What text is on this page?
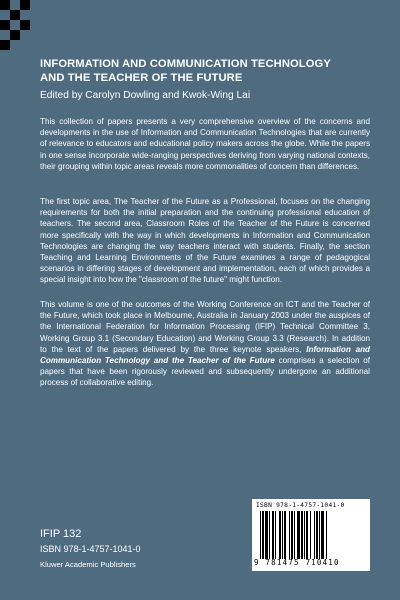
INFORMATION AND COMMUNICATION TECHNOLOGY
AND THE TEACHER OF THE FUTURE
Edited by Carolyn Dowling and Kwok-Wing Lai

This collection of papers presents a very comprehensive overview of the concerns and developments in the use of Information and Communication Technologies that are currently of relevance to educators and educational policy makers across the globe. While the papers in one sense incorporate wide-ranging perspectives deriving from varying national contexts, their grouping within topic areas reveals more commonalities of concern than differences.

The first topic area, The Teacher of the Future as a Professional, focuses on the changing requirements for both the initial preparation and the continuing professional education of teachers. The second area, Classroom Roles of the Teacher of the Future is concerned more specifically with the way in which developments in Information and Communication Technologies are changing the way teachers interact with students. Finally, the section Teaching and Learning Environments of the Future examines a range of pedagogical scenarios in differing stages of development and implementation, each of which provides a special insight into how the "classroom of the future" might function.

This volume is one of the outcomes of the Working Conference on ICT and the Teacher of the Future, which took place in Melbourne, Australia in January 2003 under the auspices of the International Federation for Information Processing (IFIP) Technical Committee 3, Working Group 3.1 (Secondary Education) and Working Group 3.3 (Research). In addition to the text of the papers delivered by the three keynote speakers, Information and Communication Technology and the Teacher of the Future comprises a selection of papers that have been rigorously reviewed and subsequently undergone an additional process of collaborative editing.

ISBN 978-1-4757-1041-0
9 781475 710410
IFIP 132
ISBN 978-1-4757-1041-0
Kluwer Academic Publishers
